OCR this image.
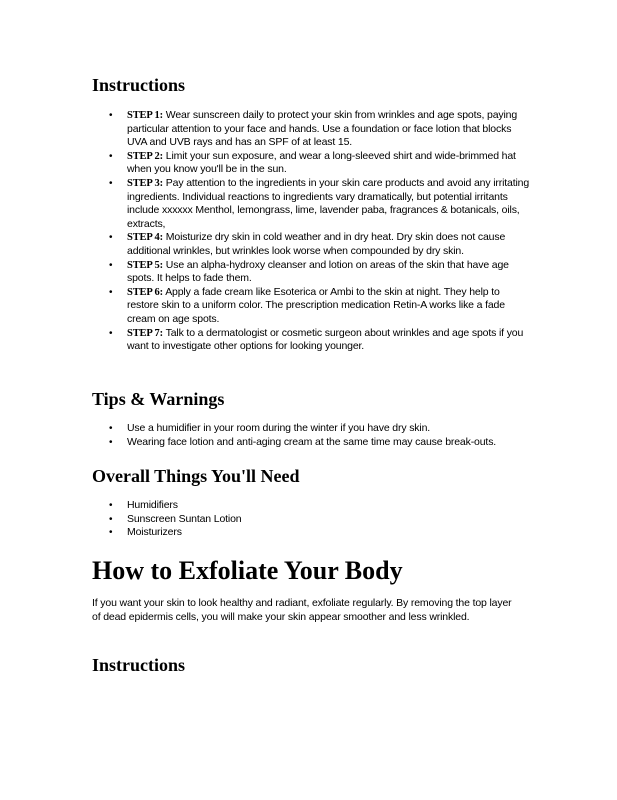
Instructions
• STEP 1: Wear sunscreen daily to protect your skin from wrinkles and age spots, paying particular attention to your face and hands. Use a foundation or face lotion that blocks UVA and UVB rays and has an SPF of at least 15.
• STEP 2: Limit your sun exposure, and wear a long-sleeved shirt and wide-brimmed hat when you know you'll be in the sun.
• STEP 3: Pay attention to the ingredients in your skin care products and avoid any irritating ingredients. Individual reactions to ingredients vary dramatically, but potential irritants include xxxxxx Menthol, lemongrass, lime, lavender paba, fragrances & botanicals, oils, extracts,
• STEP 4: Moisturize dry skin in cold weather and in dry heat. Dry skin does not cause additional wrinkles, but wrinkles look worse when compounded by dry skin.
• STEP 5: Use an alpha-hydroxy cleanser and lotion on areas of the skin that have age spots. It helps to fade them.
• STEP 6: Apply a fade cream like Esoterica or Ambi to the skin at night. They help to restore skin to a uniform color. The prescription medication Retin-A works like a fade cream on age spots.
• STEP 7: Talk to a dermatologist or cosmetic surgeon about wrinkles and age spots if you want to investigate other options for looking younger.
Tips & Warnings
• Use a humidifier in your room during the winter if you have dry skin.
• Wearing face lotion and anti-aging cream at the same time may cause break-outs.
Overall Things You'll Need
• Humidifiers
• Sunscreen Suntan Lotion
• Moisturizers
How to Exfoliate Your Body

If you want your skin to look healthy and radiant, exfoliate regularly. By removing the top layer of dead epidermis cells, you will make your skin appear smoother and less wrinkled.

Instructions
